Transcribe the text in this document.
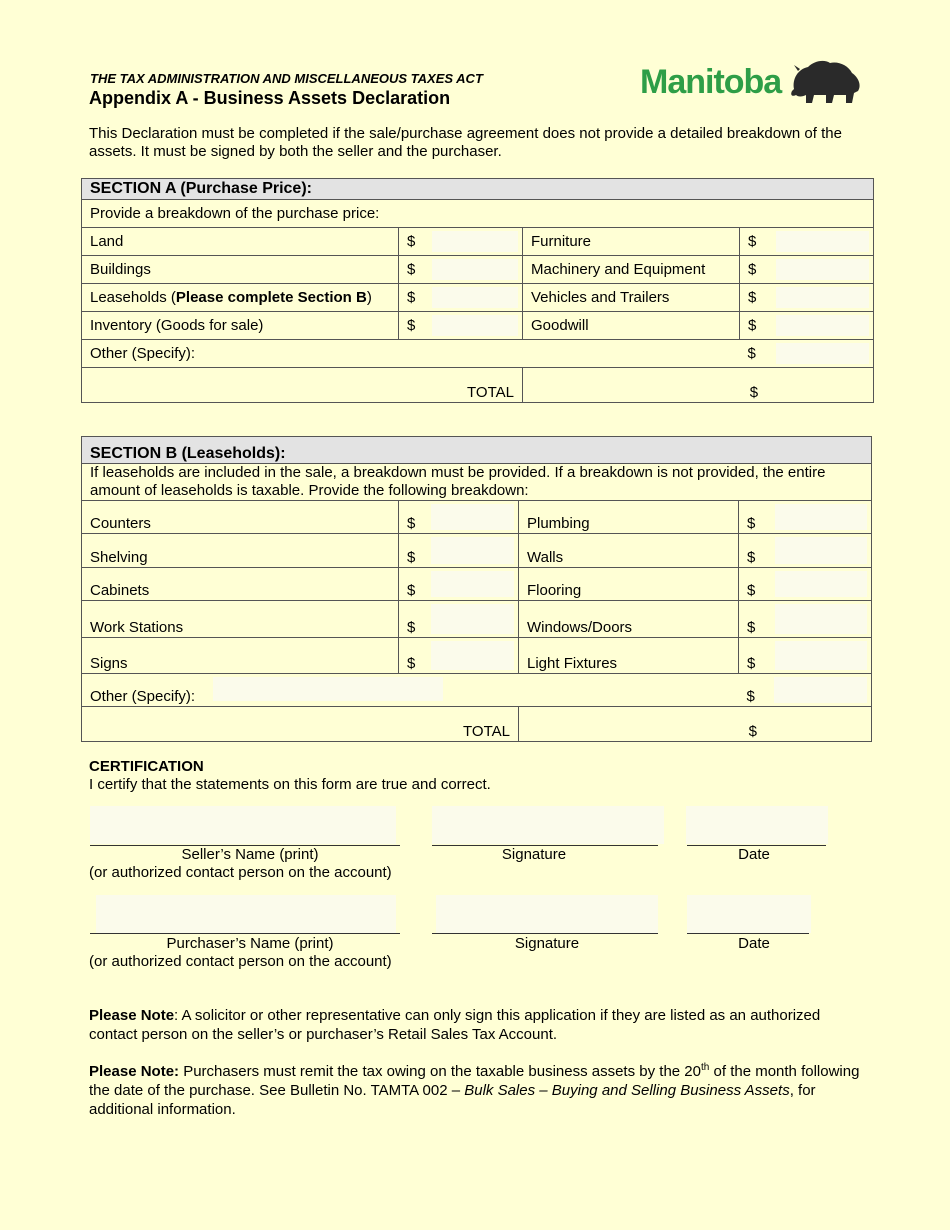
THE TAX ADMINISTRATION AND MISCELLANEOUS TAXES ACT
Appendix A - Business Assets Declaration	Manitoba
This Declaration must be completed if the sale/purchase agreement does not provide a detailed breakdown of the assets. It must be signed by both the seller and the purchaser.
SECTION A (Purchase Price):			
Provide a breakdown of the purchase price:			
Land	$	Furniture	$

Buildings	$	Machinery and Equipment	$

Leaseholds (Please complete Section B)	$	Vehicles and Trailers	$

Inventory (Goods for sale)	$	Goodwill	$

Other (Specify):			$

TOTAL		$	
SECTION B (Leaseholds):			
If leaseholds are included in the sale, a breakdown must be provided. If a breakdown is not provided, the entire amount of leaseholds is taxable. Provide the following breakdown:			
Counters	$	Plumbing	$

Shelving	$	Walls	$

Cabinets	$	Flooring	$

Work Stations	$	Windows/Doors	$

Signs	$	Light Fixtures	$

Other (Specify):			$

TOTAL		$	
CERTIFICATION
I certify that the statements on this form are true and correct.
Seller’s Name (print)
(or authorized contact person on the account)
Signature	Date
Purchaser’s Name (print)
(or authorized contact person on the account)
Signature	Date
Please Note: A solicitor or other representative can only sign this application if they are listed as an authorized contact person on the seller’s or purchaser’s Retail Sales Tax Account.
Please Note: Purchasers must remit the tax owing on the taxable business assets by the 20th of the month following the date of the purchase. See Bulletin No. TAMTA 002 – Bulk Sales – Buying and Selling Business Assets, for additional information.
